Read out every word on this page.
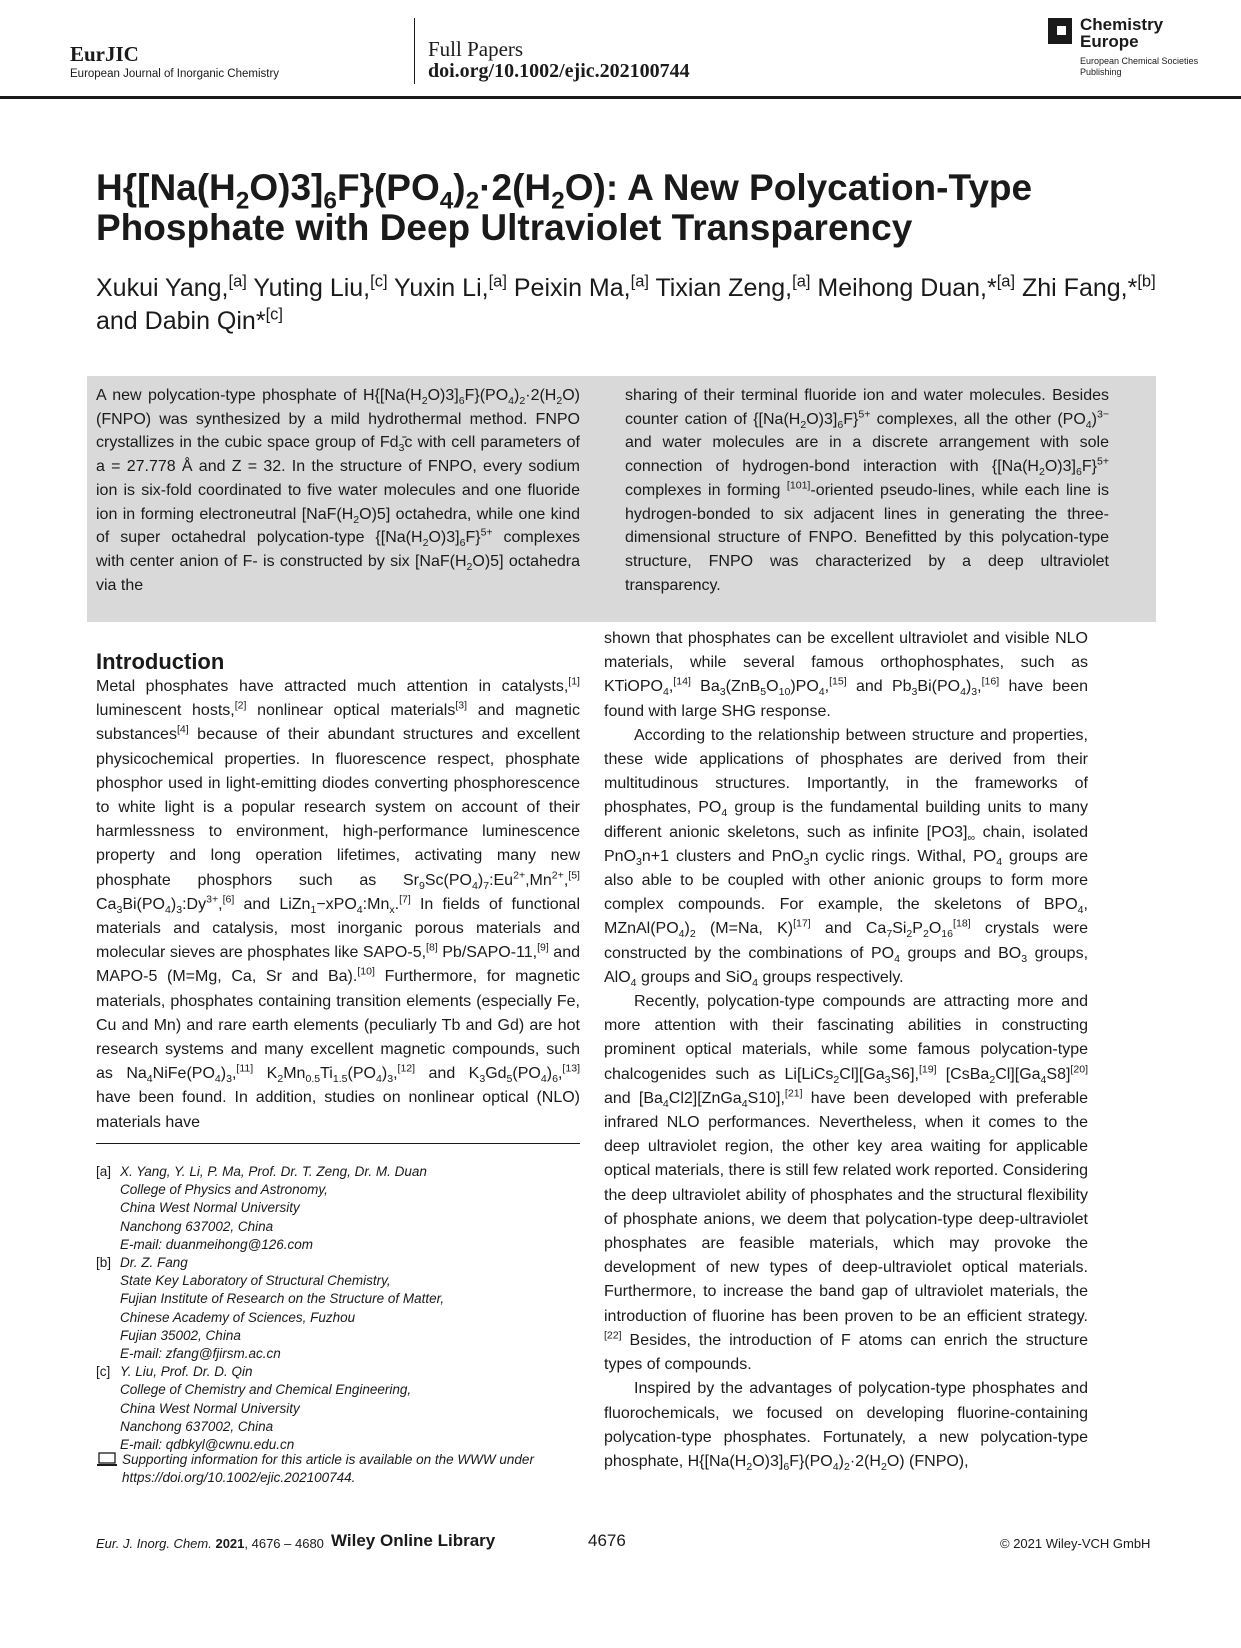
EurJIC
European Journal of Inorganic Chemistry
Full Papers
doi.org/10.1002/ejic.202100744
Chemistry Europe
European Chemical Societies Publishing
$H\{[Na(H_2O)3]_6F\}(PO_4)_2\cdot 2(H_2O)$: A New Polycation-Type Phosphate with Deep Ultraviolet Transparency
Xukui Yang,[a] Yuting Liu,[c] Yuxin Li,[a] Peixin Ma,[a] Tixian Zeng,[a] Meihong Duan,*[a] Zhi Fang,*[b] and Dabin Qin*[c]
A new polycation-type phosphate of $H\{[Na(H_2O)3]_6F\}(PO_4)_2\cdot 2(H_2O)$ (FNPO) was synthesized by a mild hydrothermal method. FNPO crystallizes in the cubic space group of $Fd_3̄c$ with cell parameters of a = 27.778 Å and Z = 32. In the structure of FNPO, every sodium ion is six-fold coordinated to five water molecules and one fluoride ion in forming electroneutral $[NaF(H_2O)5]$ octahedra, while one kind of super octahedral polycation-type $\{[Na(H_2O)3]_6F\}^{5+}$ complexes with center anion of F- is constructed by six $[NaF(H_2O)5]$ octahedra via the
sharing of their terminal fluoride ion and water molecules. Besides counter cation of $\{[Na(H_2O)3]_6F\}^{5+}$ complexes, all the other $(PO_4)^{3-}$ and water molecules are in a discrete arrangement with sole connection of hydrogen-bond interaction with $\{[Na(H_2O)3]_6F\}^{5+}$ complexes in forming [101]-oriented pseudo-lines, while each line is hydrogen-bonded to six adjacent lines in generating the three-dimensional structure of FNPO. Benefitted by this polycation-type structure, FNPO was characterized by a deep ultraviolet transparency.
Introduction

Metal phosphates have attracted much attention in catalysts,[1] luminescent hosts,[2] nonlinear optical materials[3] and magnetic substances[4] because of their abundant structures and excellent physicochemical properties. In fluorescence respect, phosphate phosphor used in light-emitting diodes converting phosphorescence to white light is a popular research system on account of their harmlessness to environment, high-performance luminescence property and long operation lifetimes, activating many new phosphate phosphors such as $Sr_9Sc(PO_4)_7:Eu^{2+},Mn^{2+},[5]$ $Ca_3Bi(PO_4)_3:Dy^{3+},[6]$ and $LiZn_1-xPO_4:Mn_x.[7]$ In fields of functional materials and catalysis, most inorganic porous materials and molecular sieves are phosphates like SAPO-5,[8] Pb/SAPO-11,[9] and MAPO-5 (M=Mg, Ca, Sr and Ba).[10] Furthermore, for magnetic materials, phosphates containing transition elements (especially Fe, Cu and Mn) and rare earth elements (peculiarly Tb and Gd) are hot research systems and many excellent magnetic compounds, such as $Na_4NiFe(PO_4)_3,[11]$ $K_2Mn_{0.5}Ti_{1.5}(PO_4)_3,[12]$ and $K_3Gd_5(PO_4)_6,[13]$ have been found. In addition, studies on nonlinear optical (NLO) materials have

shown that phosphates can be excellent ultraviolet and visible NLO materials, while several famous orthophosphates, such as KTiOPO$_4$,[14] $Ba_3(ZnB_5O_{10})PO_4,[15]$ and $Pb_3Bi(PO_4)_3,[16]$ have been found with large SHG response.

According to the relationship between structure and properties, these wide applications of phosphates are derived from their multitudinous structures. Importantly, in the frameworks of phosphates, $PO_4$ group is the fundamental building units to many different anionic skeletons, such as infinite $[PO3]_\infty$ chain, isolated PnO$_3$n+1 clusters and PnO$_3$n cyclic rings. Withal, $PO_4$ groups are also able to be coupled with other anionic groups to form more complex compounds. For example, the skeletons of $BPO_4$, $MZnAl(PO_4)_2$ (M=Na, K)[17] and $Ca_7Si_2P_2O_{16}[18]$ crystals were constructed by the combinations of $PO_4$ groups and $BO_3$ groups, AlO$_4$ groups and SiO$_4$ groups respectively.

Recently, polycation-type compounds are attracting more and more attention with their fascinating abilities in constructing prominent optical materials, while some famous polycation-type chalcogenides such as $Li[LiCs_2Cl][Ga_3S6],[19]$ $[CsBa_2Cl][Ga_4S8][20]$ and $[Ba_4Cl2][ZnGa_4S10],[21]$ have been developed with preferable infrared NLO performances. Nevertheless, when it comes to the deep ultraviolet region, the other key area waiting for applicable optical materials, there is still few related work reported. Considering the deep ultraviolet ability of phosphates and the structural flexibility of phosphate anions, we deem that polycation-type deep-ultraviolet phosphates are feasible materials, which may provoke the development of new types of deep-ultraviolet optical materials. Furthermore, to increase the band gap of ultraviolet materials, the introduction of fluorine has been proven to be an efficient strategy.[22] Besides, the introduction of F atoms can enrich the structure types of compounds.

Inspired by the advantages of polycation-type phosphates and fluorochemicals, we focused on developing fluorine-containing polycation-type phosphates. Fortunately, a new polycation-type phosphate, $H\{[Na(H_2O)3]_6F\}(PO_4)_2\cdot 2(H_2O)$ (FNPO),

[a] X. Yang, Y. Li, P. Ma, Prof. Dr. T. Zeng, Dr. M. Duan
College of Physics and Astronomy,
China West Normal University
Nanchong 637002, China
E-mail: duanmeihong@126.com
[b] Dr. Z. Fang
State Key Laboratory of Structural Chemistry,
Fujian Institute of Research on the Structure of Matter,
Chinese Academy of Sciences, Fuzhou
Fujian 35002, China
E-mail: zfang@fjirsm.ac.cn
[c] Y. Liu, Prof. Dr. D. Qin
College of Chemistry and Chemical Engineering,
China West Normal University
Nanchong 637002, China
E-mail: qdbkyl@cwnu.edu.cn
Supporting information for this article is available on the WWW under https://doi.org/10.1002/ejic.202100744.
Eur. J. Inorg. Chem. 2021, 4676 – 4680 Wiley Online Library	4676	© 2021 Wiley-VCH GmbH
